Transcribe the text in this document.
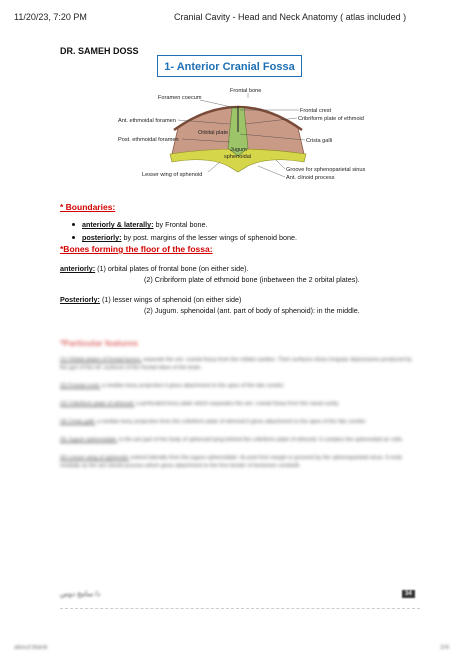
11/20/23, 7:20 PM	Cranial Cavity - Head and Neck Anatomy ( atlas included )
DR. SAMEH DOSS
1- Anterior Cranial Fossa
Frontal bone
Foramen coecum
Frontal crest
Cribriform plate of ethmoid
Ant. ethmoidal foramen
Orbital plate
Crista galli
Post. ethmoidal foramen
Jugum
sphenoidal
Lesser wing of sphenoid
Groove for sphenoparietal sinus
Ant. clinoid process
* Boundaries:
anteriorly & laterally: by Frontal bone.
posteriorly: by post. margins of the lesser wings of sphenoid bone.
*Bones forming the floor of the fossa:
anteriorly: (1) orbital plates of frontal bone (on either side).
(2) Cribriform plate of ethmoid bone (inbetween the 2 orbital plates).
Posteriorly: (1) lesser wings of sphenoid (on either side)
(2) Jugum. sphenoidal (ant. part of body of sphenoid): in the middle.
*Particular features

(1) Orbital plates of frontal bones: separate the ant. cranial fossa from the orbital cavities. Their surfaces show irregular depressions produced by the gyri of the inf. surfaces of the frontal lobes of the brain.

(2) Frontal crest: a median bony projection it gives attachment to the apex of the falx cerebri.

(3) Cribriform plate of ethmoid: a perforated bony plate which separates the ant. cranial fossa from the nasal cavity.

(4) Crista galli: a median bony projection from the cribriform plate of ethmoid it gives attachment to the apex of the falx cerebri.

(5) Jugum sphenoidale: is the ant part of the body of sphenoid lying behind the cribriform plate of ethmoid. It contains the sphenoidal air cells.

(6) Lesser wing of sphenoid: extend laterally from the jugum sphenoidale. Its post free margin is grooved by the sphenoparietal sinus. It ends medially as the ant clinoid process which gives attachment to the free border of tentorium cerebelli.

د/ سامح دوس	34
about:blank	2/4
